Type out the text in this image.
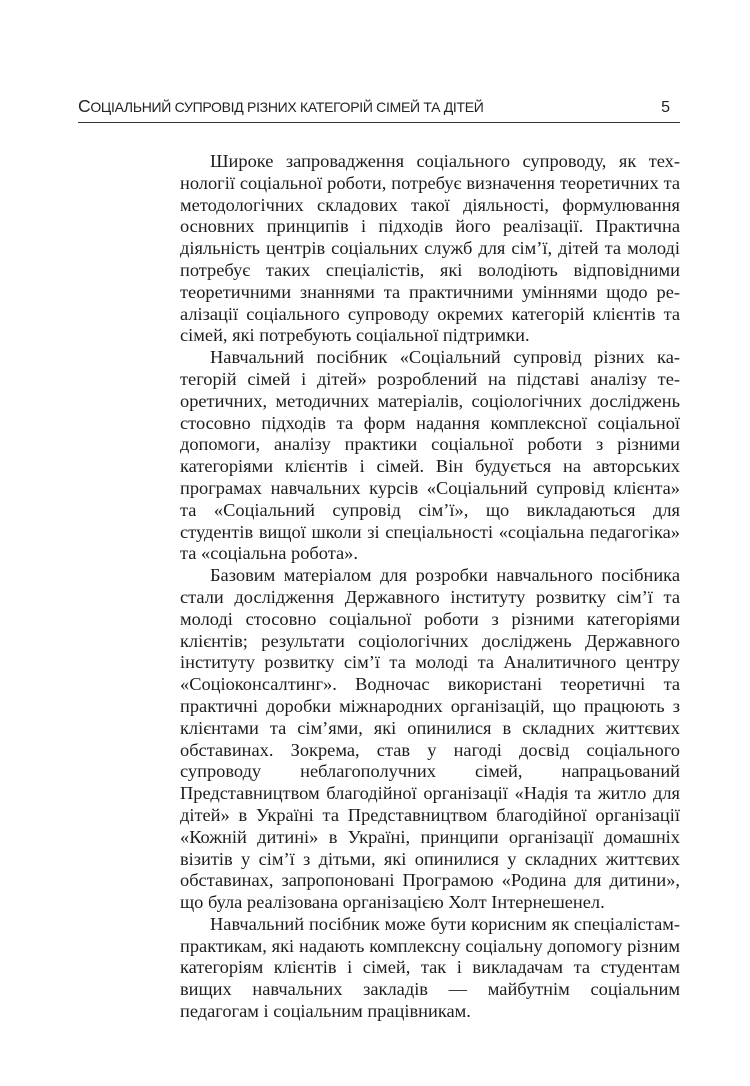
СОЦІАЛЬНИЙ СУПРОВІД РІЗНИХ КАТЕГОРІЙ СІМЕЙ ТА ДІТЕЙ	5

Широке запровадження соціального супроводу, як технології соціальної роботи, потребує визначення теоретичних та методологічних складових такої діяльності, формулювання основних принципів і підходів його реалізації. Практична діяльність центрів соціальних служб для сім’ї, дітей та молоді потребує таких спеціалістів, які володіють відповідними теоретичними знаннями та практичними уміннями щодо реалізації соціального супроводу окремих категорій клієнтів та сімей, які потребують соціальної підтримки.

Навчальний посібник «Соціальний супровід різних категорій сімей і дітей» розроблений на підставі аналізу теоретичних, методичних матеріалів, соціологічних досліджень стосовно підходів та форм надання комплексної соціальної допомоги, аналізу практики соціальної роботи з різними категоріями клієнтів і сімей. Він будується на авторських програмах навчальних курсів «Соціальний супровід клієнта» та «Соціальний супровід сім’ї», що викладаються для студентів вищої школи зі спеціальності «соціальна педагогіка» та «соціальна робота».

Базовим матеріалом для розробки навчального посібника стали дослідження Державного інституту розвитку сім’ї та молоді стосовно соціальної роботи з різними категоріями клієнтів; результати соціологічних досліджень Державного інституту розвитку сім’ї та молоді та Аналитичного центру «Соціоконсалтинг». Водночас використані теоретичні та практичні доробки міжнародних організацій, що працюють з клієнтами та сім’ями, які опинилися в складних життєвих обставинах. Зокрема, став у нагоді досвід соціального супроводу неблагополучних сімей, напрацьований Представництвом благодійної організації «Надія та житло для дітей» в Україні та Представництвом благодійної організації «Кожній дитині» в Україні, принципи організації домашніх візитів у сім’ї з дітьми, які опинилися у складних життєвих обставинах, запропоновані Програмою «Родина для дитини», що була реалізована організацією Холт Інтернешенел.

Навчальний посібник може бути корисним як спеціалістам-практикам, які надають комплексну соціальну допомогу різним категоріям клієнтів і сімей, так і викладачам та студентам вищих навчальних закладів — майбутнім соціальним педагогам і соціальним працівникам.
